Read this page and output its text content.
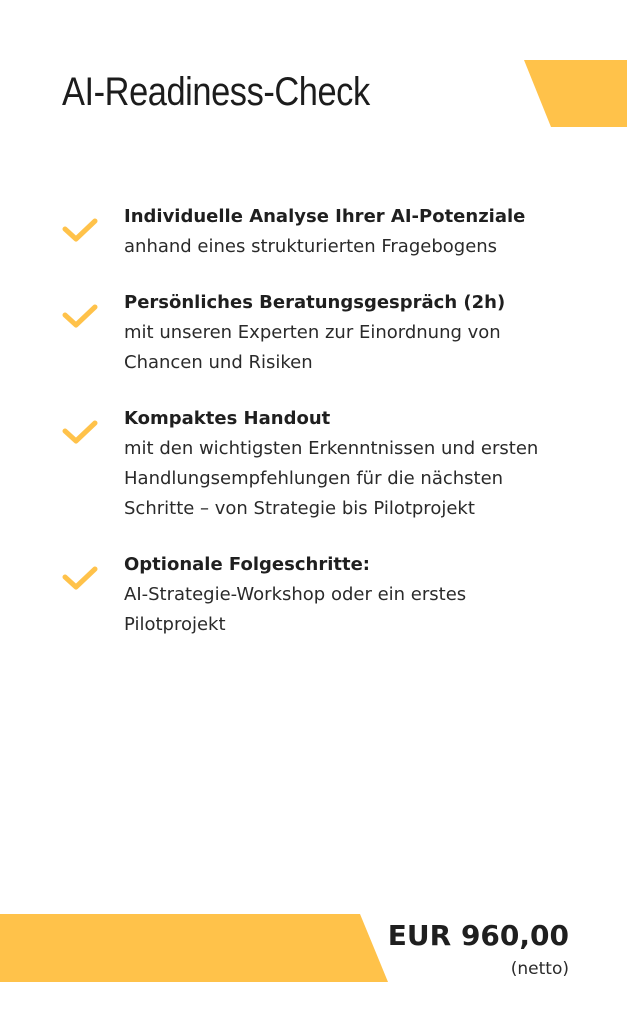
AI-Readiness-Check
Individuelle Analyse Ihrer AI-Potenziale
anhand eines strukturierten Fragebogens
Persönliches Beratungsgespräch (2h)
mit unseren Experten zur Einordnung von Chancen und Risiken
Kompaktes Handout
mit den wichtigsten Erkenntnissen und ersten Handlungsempfehlungen für die nächsten Schritte – von Strategie bis Pilotprojekt
Optionale Folgeschritte:
AI-Strategie-Workshop oder ein erstes Pilotprojekt
EUR 960,00
(netto)
